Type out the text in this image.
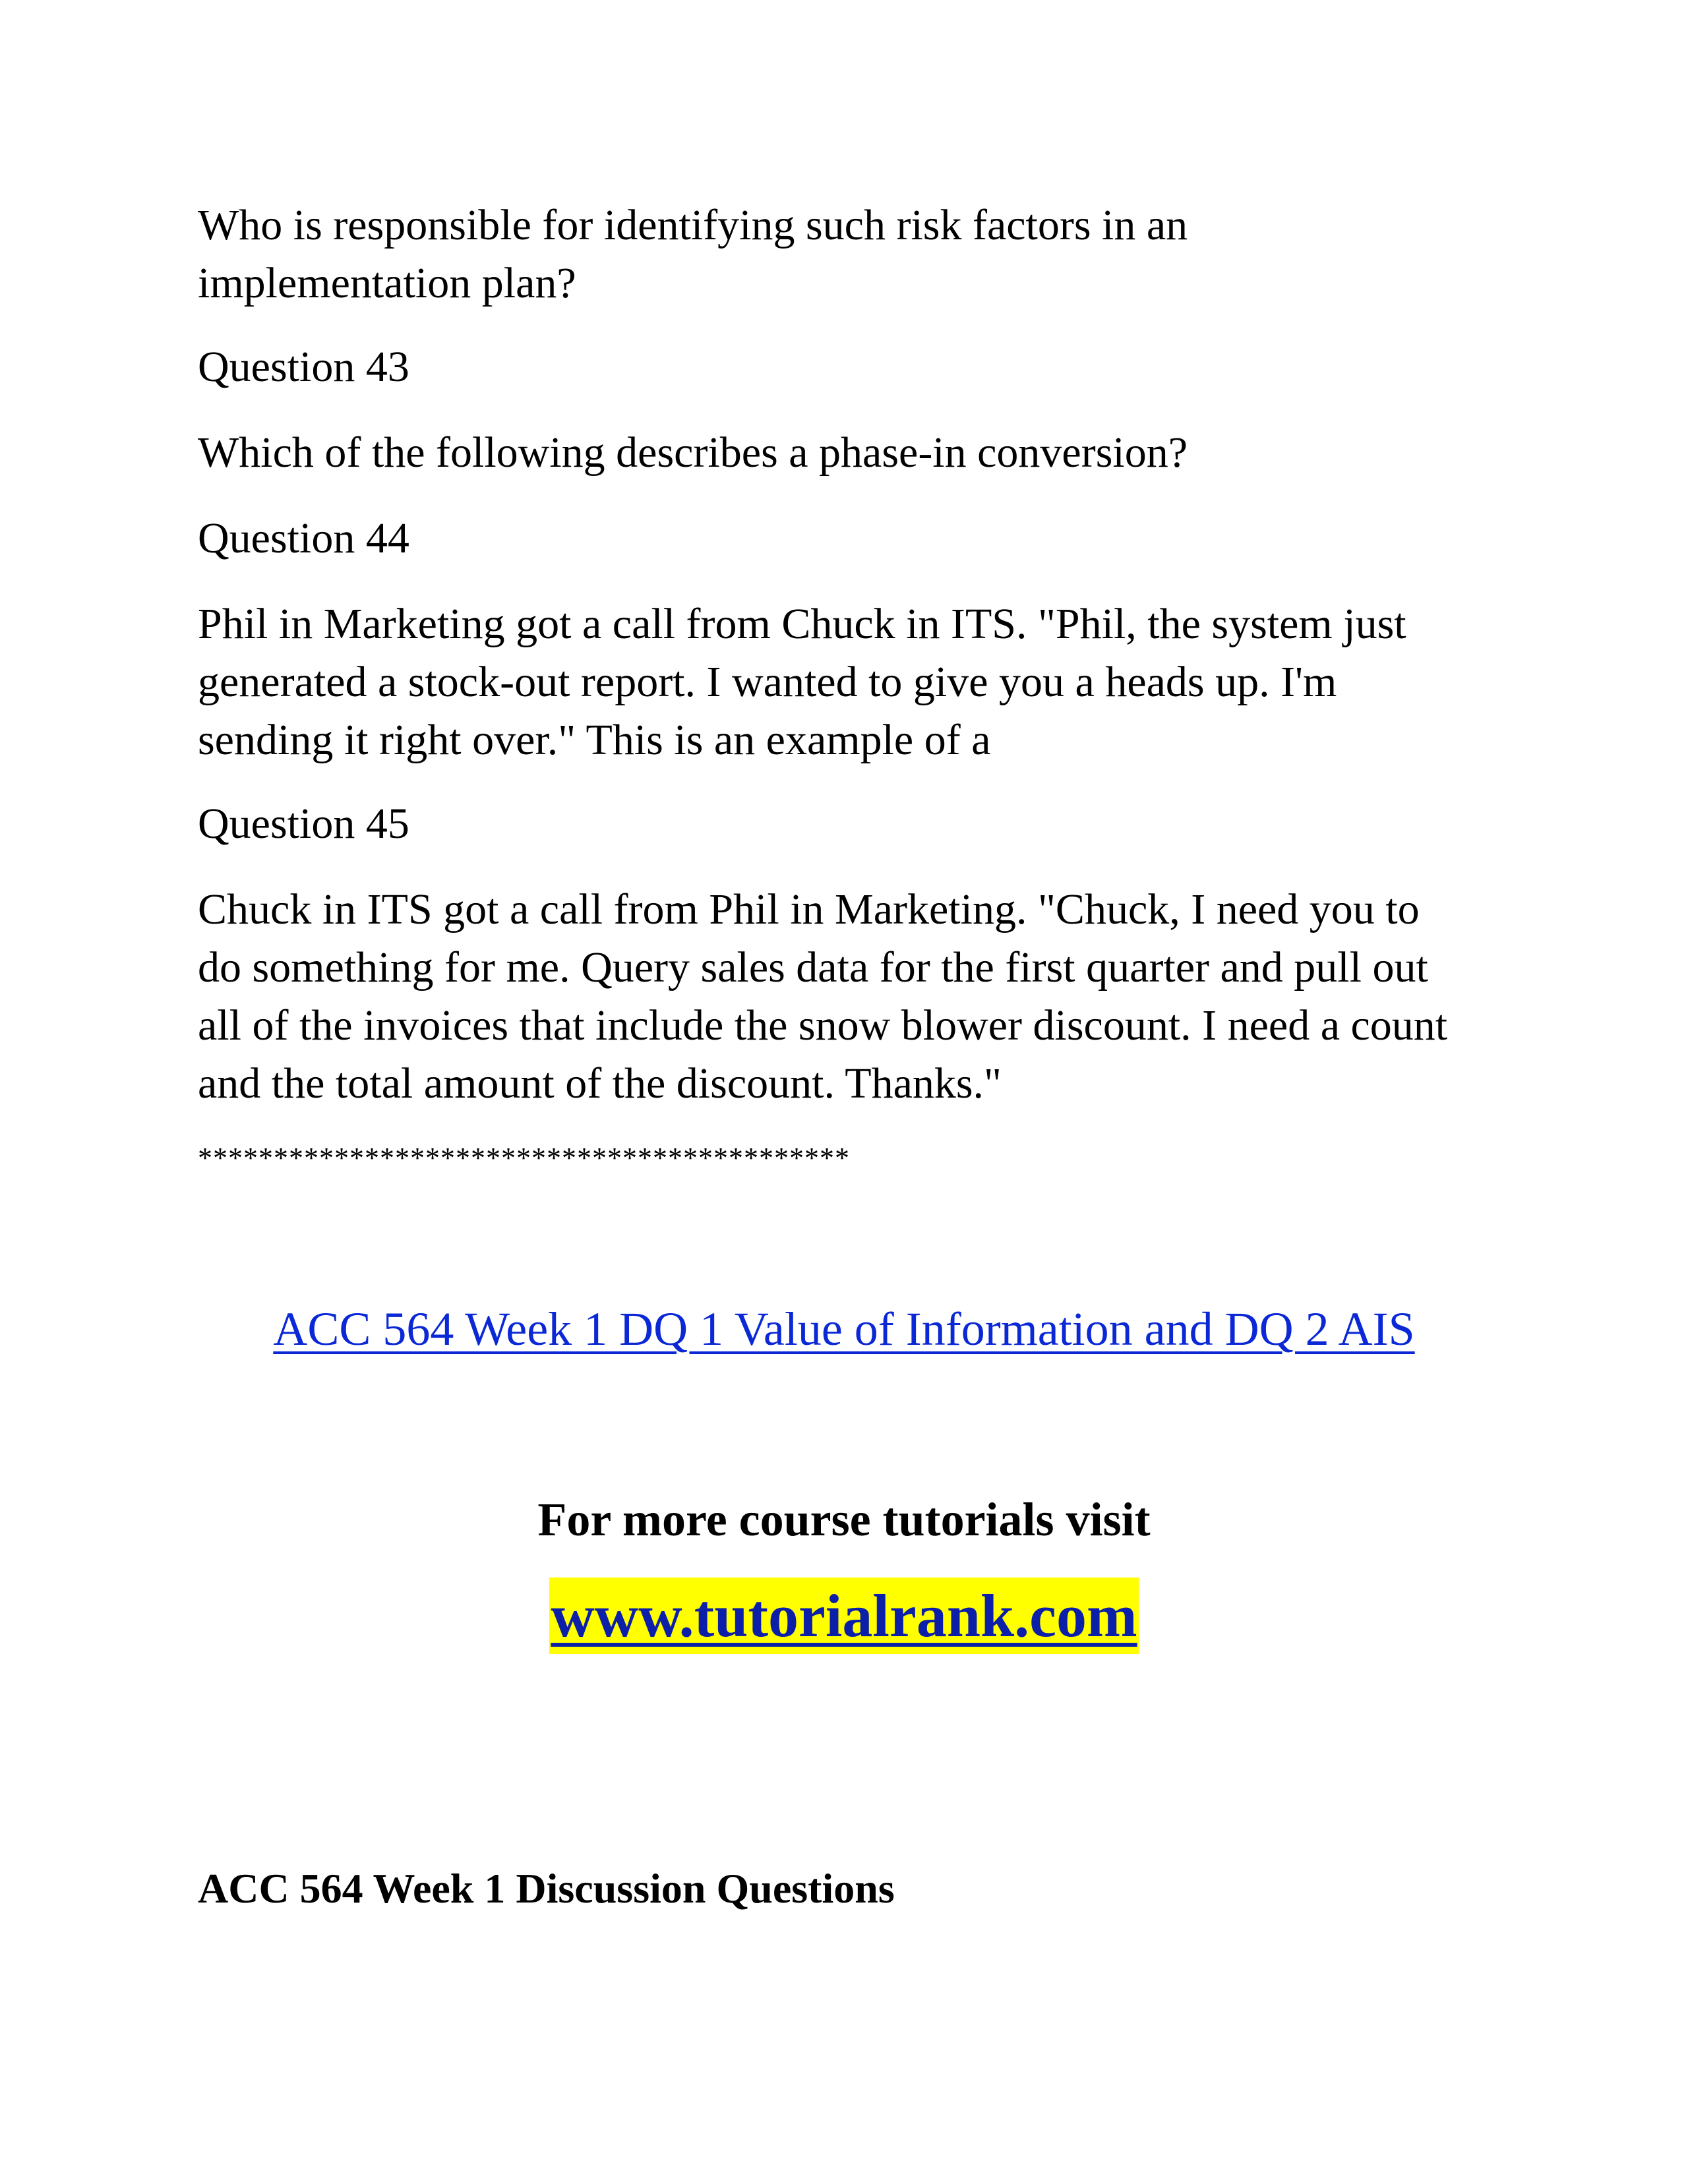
Who is responsible for identifying such risk factors in an
implementation plan?
Question 43
Which of the following describes a phase-in conversion?
Question 44
Phil in Marketing got a call from Chuck in ITS. "Phil, the system just
generated a stock-out report. I wanted to give you a heads up. I'm
sending it right over." This is an example of a
Question 45
Chuck in ITS got a call from Phil in Marketing. "Chuck, I need you to
do something for me. Query sales data for the first quarter and pull out
all of the invoices that include the snow blower discount. I need a count
and the total amount of the discount. Thanks."
*******************************************
ACC 564 Week 1 DQ 1 Value of Information and DQ 2 AIS
For more course tutorials visit
www.tutorialrank.com
ACC 564 Week 1 Discussion Questions
